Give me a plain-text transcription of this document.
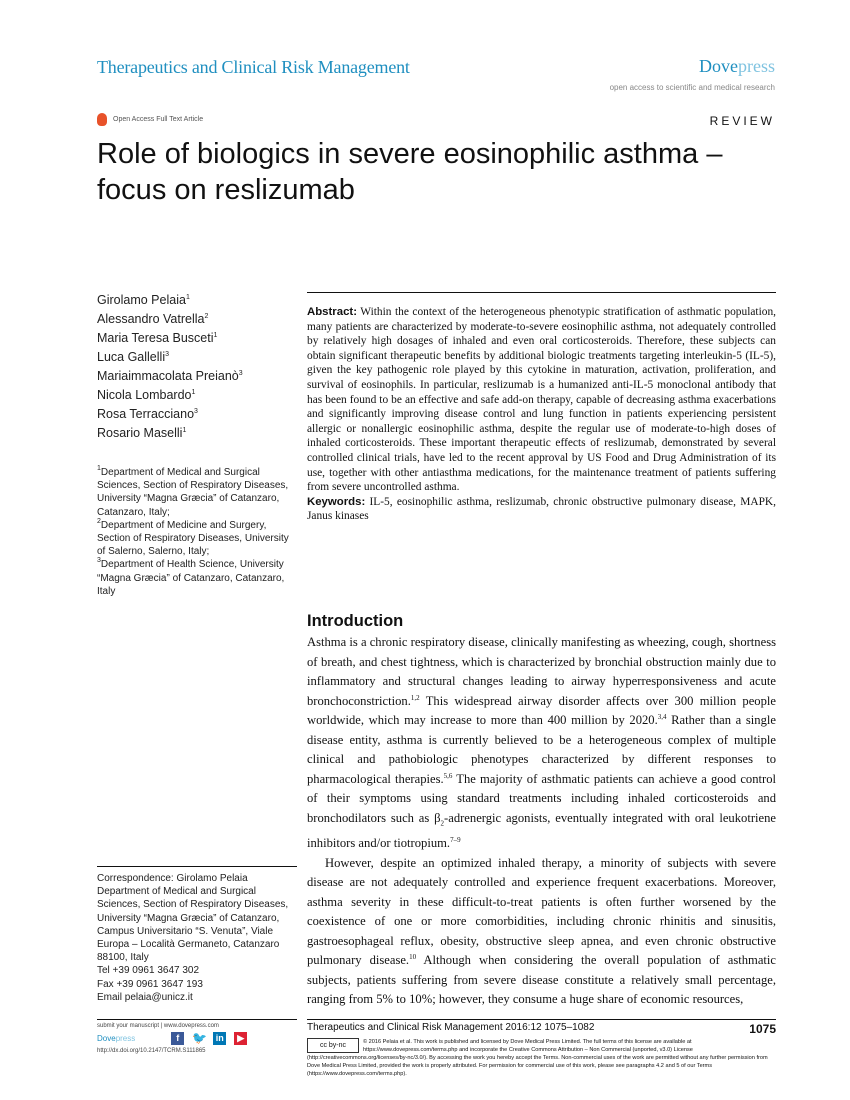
Therapeutics and Clinical Risk Management	Dovepress
open access to scientific and medical research
Open Access Full Text Article	REVIEW
Role of biologics in severe eosinophilic asthma –
focus on reslizumab
Girolamo Pelaia$^1$
Alessandro Vatrella$^2$
Maria Teresa Busceti$^1$
Luca Gallelli$^3$
Mariaimmacolata Preianò$^3$
Nicola Lombardo$^1$
Rosa Terracciano$^3$
Rosario Maselli$^1$
$^1$Department of Medical and Surgical Sciences, Section of Respiratory Diseases, University “Magna Græcia” of Catanzaro, Catanzaro, Italy;
$^2$Department of Medicine and Surgery, Section of Respiratory Diseases, University of Salerno, Salerno, Italy;
$^3$Department of Health Science, University “Magna Græcia” of Catanzaro, Catanzaro, Italy
Correspondence: Girolamo Pelaia
Department of Medical and Surgical Sciences, Section of Respiratory Diseases, University “Magna Græcia” of Catanzaro, Campus Universitario “S. Venuta”, Viale Europa – Località Germaneto, Catanzaro 88100, Italy
Tel +39 0961 3647 302
Fax +39 0961 3647 193
Email pelaia@unicz.it
submit your manuscript | www.dovepress.com
Dovepress	f	🐦 in	▶
http://dx.doi.org/10.2147/TCRM.S111865

Abstract: Within the context of the heterogeneous phenotypic stratification of asthmatic population, many patients are characterized by moderate-to-severe eosinophilic asthma, not adequately controlled by relatively high dosages of inhaled and even oral corticosteroids. Therefore, these subjects can obtain significant therapeutic benefits by additional biologic treatments targeting interleukin-5 (IL-5), given the key pathogenic role played by this cytokine in maturation, activation, proliferation, and survival of eosinophils. In particular, reslizumab is a humanized anti-IL-5 monoclonal antibody that has been found to be an effective and safe add-on therapy, capable of decreasing asthma exacerbations and significantly improving disease control and lung function in patients experiencing persistent allergic or nonallergic eosinophilic asthma, despite the regular use of moderate-to-high doses of inhaled corticosteroids. These important therapeutic effects of reslizumab, demonstrated by several controlled clinical trials, have led to the recent approval by US Food and Drug Administration of its use, together with other antiasthma medications, for the maintenance treatment of patients suffering from severe uncontrolled asthma.

Keywords: IL-5, eosinophilic asthma, reslizumab, chronic obstructive pulmonary disease, MAPK, Janus kinases

Introduction

Asthma is a chronic respiratory disease, clinically manifesting as wheezing, cough, shortness of breath, and chest tightness, which is characterized by bronchial obstruction mainly due to inflammatory and structural changes leading to airway hyperresponsiveness and acute bronchoconstriction.$^{1,2}$ This widespread airway disorder affects over 300 million people worldwide, which may increase to more than 400 million by 2020.$^{3,4}$ Rather than a single disease entity, asthma is currently believed to be a heterogeneous complex of multiple clinical and pathobiologic phenotypes characterized by different responses to pharmacological therapies.$^{5,6}$ The majority of asthmatic patients can achieve a good control of their symptoms using standard treatments including inhaled corticosteroids and bronchodilators such as $\beta_2$-adrenergic agonists, eventually integrated with oral leukotriene inhibitors and/or tiotropium.$^{7-9}$

However, despite an optimized inhaled therapy, a minority of subjects with severe disease are not adequately controlled and experience frequent exacerbations. Moreover, asthma severity in these difficult-to-treat patients is often further worsened by the coexistence of one or more comorbidities, including chronic rhinitis and sinusitis, gastroesophageal reflux, obesity, obstructive sleep apnea, and even chronic obstructive pulmonary disease.$^{10}$ Although when considering the overall population of asthmatic subjects, patients suffering from severe disease constitute a relatively small percentage, ranging from 5% to 10%; however, they consume a huge share of economic resources,

Therapeutics and Clinical Risk Management 2016:12 1075–1082	1075
cc by-nc	© 2016 Pelaia et al. This work is published and licensed by Dove Medical Press Limited. The full terms of this license are available at https://www.dovepress.com/terms.php and incorporate the Creative Commons Attribution – Non Commercial (unported, v3.0) License (http://creativecommons.org/licenses/by-nc/3.0/). By accessing the work you hereby accept the Terms. Non-commercial uses of the work are permitted without any further permission from Dove Medical Press Limited, provided the work is properly attributed. For permission for commercial use of this work, please see paragraphs 4.2 and 5 of our Terms (https://www.dovepress.com/terms.php).
